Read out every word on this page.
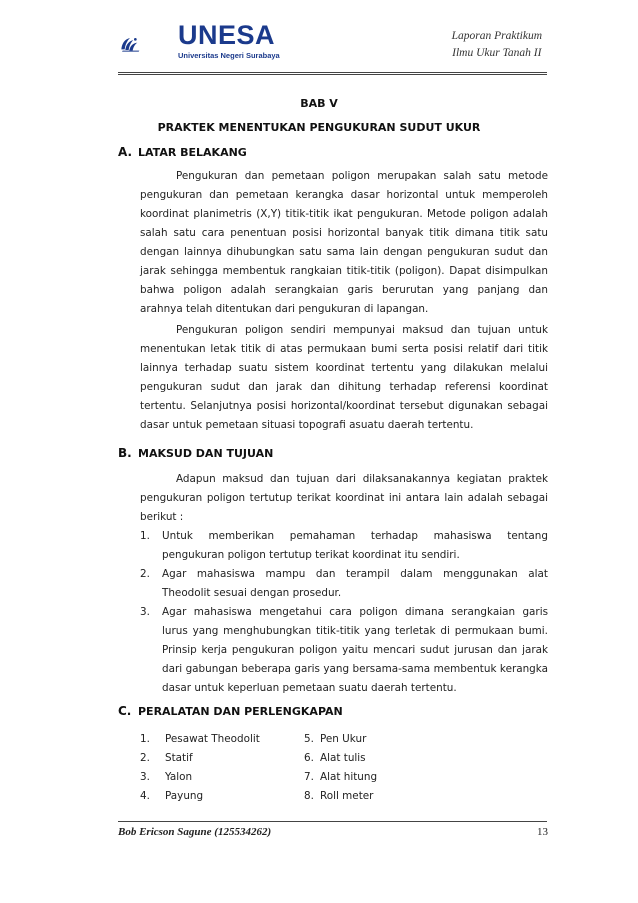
UNESA
Universitas Negeri Surabaya
Laporan Praktikum
Ilmu Ukur Tanah II
BAB V
PRAKTEK MENENTUKAN PENGUKURAN SUDUT UKUR
A. LATAR BELAKANG
Pengukuran dan pemetaan poligon merupakan salah satu metode pengukuran dan pemetaan kerangka dasar horizontal untuk memperoleh koordinat planimetris (X,Y) titik-titik ikat pengukuran. Metode poligon adalah salah satu cara penentuan posisi horizontal banyak titik dimana titik satu dengan lainnya dihubungkan satu sama lain dengan pengukuran sudut dan jarak sehingga membentuk rangkaian titik-titik (poligon). Dapat disimpulkan bahwa poligon adalah serangkaian garis berurutan yang panjang dan arahnya telah ditentukan dari pengukuran di lapangan.
Pengukuran poligon sendiri mempunyai maksud dan tujuan untuk menentukan letak titik di atas permukaan bumi serta posisi relatif dari titik lainnya terhadap suatu sistem koordinat tertentu yang dilakukan melalui pengukuran sudut dan jarak dan dihitung terhadap referensi koordinat tertentu. Selanjutnya posisi horizontal/koordinat tersebut digunakan sebagai dasar untuk pemetaan situasi topografi asuatu daerah tertentu.
B. MAKSUD DAN TUJUAN
Adapun maksud dan tujuan dari dilaksanakannya kegiatan praktek pengukuran poligon tertutup terikat koordinat ini antara lain adalah sebagai berikut :
1. Untuk memberikan pemahaman terhadap mahasiswa tentang pengukuran poligon tertutup terikat koordinat itu sendiri.
2. Agar mahasiswa mampu dan terampil dalam menggunakan alat Theodolit sesuai dengan prosedur.
3. Agar mahasiswa mengetahui cara poligon dimana serangkaian garis lurus yang menghubungkan titik-titik yang terletak di permukaan bumi. Prinsip kerja pengukuran poligon yaitu mencari sudut jurusan dan jarak dari gabungan beberapa garis yang bersama-sama membentuk kerangka dasar untuk keperluan pemetaan suatu daerah tertentu.
C. PERALATAN DAN PERLENGKAPAN
1. Pesawat Theodolit
2. Statif
3. Yalon
4. Payung
5. Pen Ukur
6. Alat tulis
7. Alat hitung
8. Roll meter
Bob Ericson Sagune (125534262)	13
